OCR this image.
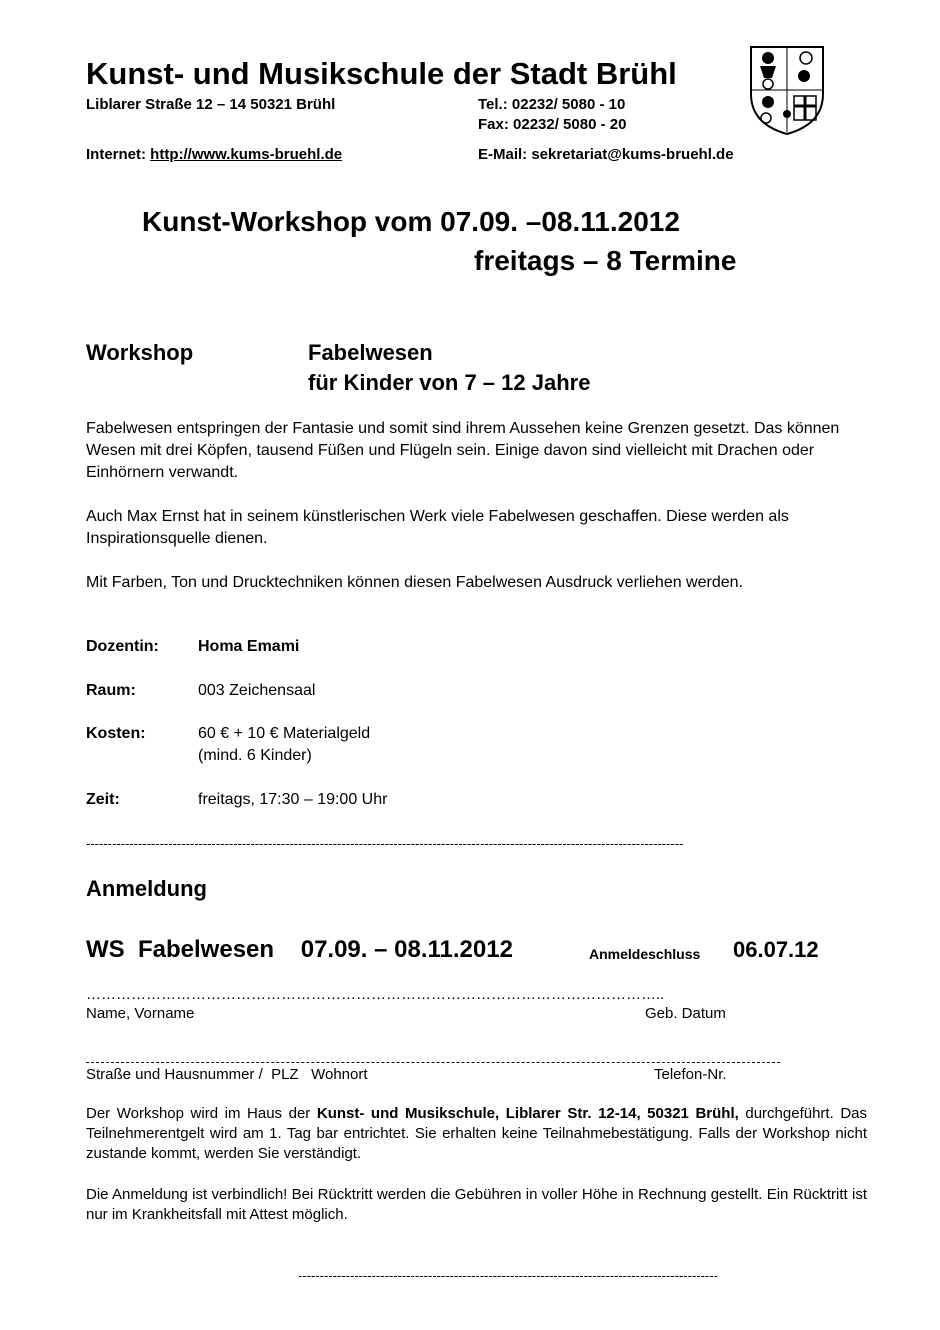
Kunst- und Musikschule der Stadt Brühl
Liblarer Straße 12 – 14 50321 Brühl	Tel.: 02232/ 5080 - 10
Fax: 02232/ 5080 - 20
Internet: http://www.kums-bruehl.de	E-Mail: sekretariat@kums-bruehl.de
Kunst-Workshop vom 07.09. –08.11.2012
freitags – 8 Termine
Workshop	Fabelwesen
für Kinder von 7 – 12 Jahre
Fabelwesen entspringen der Fantasie und somit sind ihrem Aussehen keine Grenzen gesetzt. Das können Wesen mit drei Köpfen, tausend Füßen und Flügeln sein. Einige davon sind vielleicht mit Drachen oder Einhörnern verwandt.
Auch Max Ernst hat in seinem künstlerischen Werk viele Fabelwesen geschaffen. Diese werden als Inspirationsquelle dienen.
Mit Farben, Ton und Drucktechniken können diesen Fabelwesen Ausdruck verliehen werden.
Dozentin: Homa Emami
Raum:	003 Zeichensaal
Kosten:	60 € + 10 € Materialgeld
(mind. 6 Kinder)
Zeit:	freitags, 17:30 – 19:00 Uhr
------------------------------------------------------------------------------------------------------------------------------------------
Anmeldung
WS  Fabelwesen    07.09. – 08.11.2012	Anmeldeschluss 06.07.12
……………………………………………………………………………………………………..
Name, Vorname	Geb. Datum
Straße und Hausnummer /  PLZ   Wohnort	Telefon-Nr.
Der Workshop wird im Haus der Kunst- und Musikschule, Liblarer Str. 12-14, 50321 Brühl, durchgeführt. Das Teilnehmerentgelt wird am 1. Tag bar entrichtet. Sie erhalten keine Teilnahmebestätigung. Falls der Workshop nicht zustande kommt, werden Sie verständigt.
Die Anmeldung ist verbindlich! Bei Rücktritt werden die Gebühren in voller Höhe in Rechnung gestellt. Ein Rücktritt ist nur im Krankheitsfall mit Attest möglich.
-------------------------------------------------------------------------------------------------
